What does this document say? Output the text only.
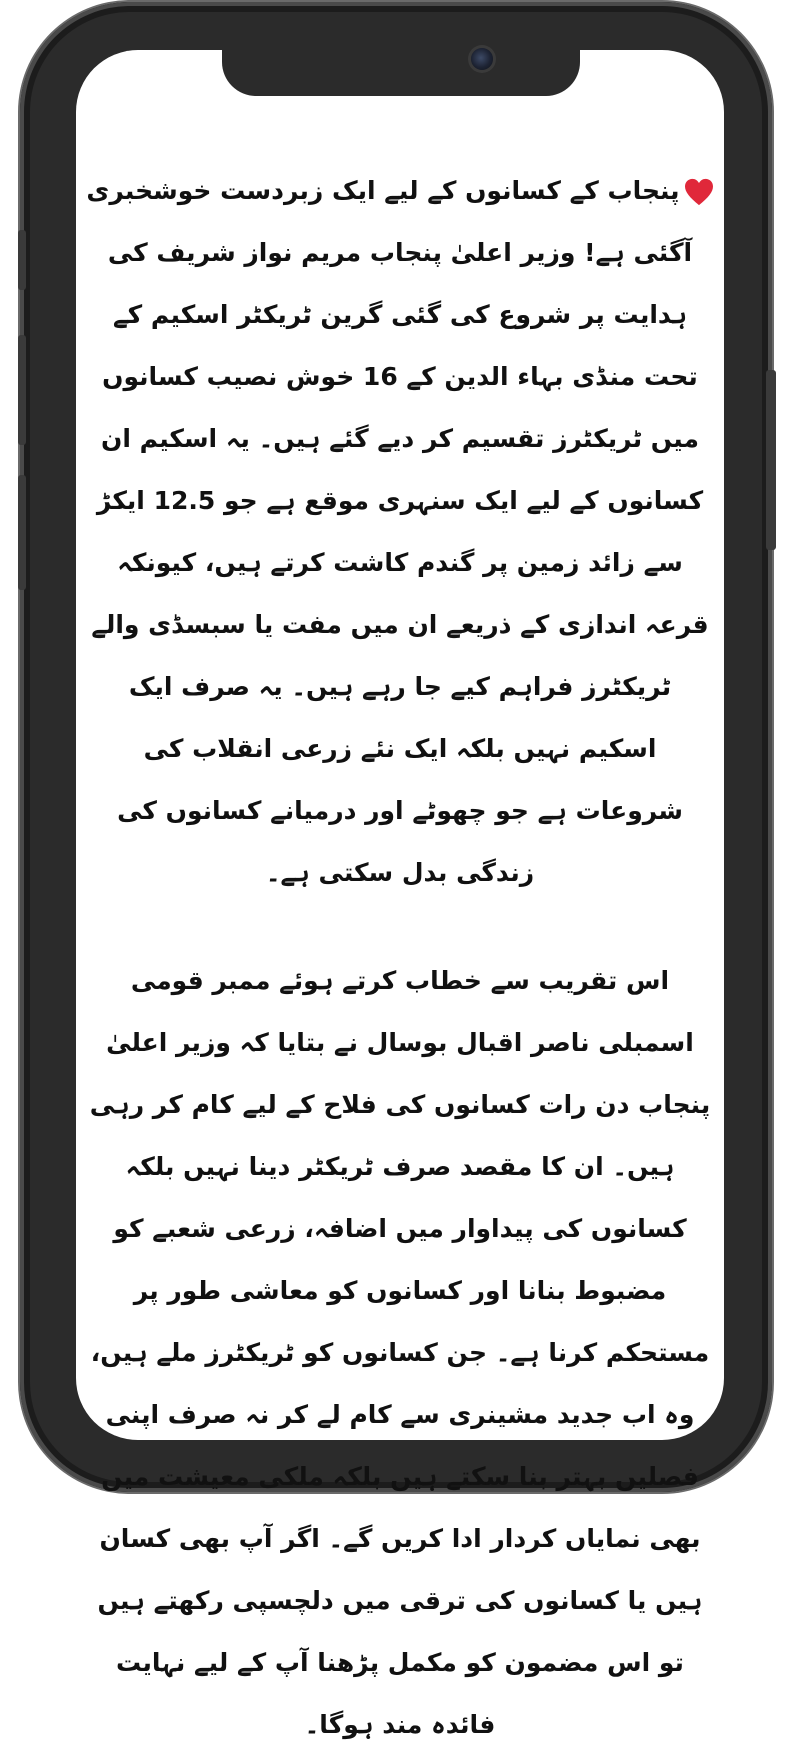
پنجاب کے کسانوں کے لیے ایک زبردست خوشخبری آگئی ہے! وزیر اعلیٰ پنجاب مریم نواز شریف کی ہدایت پر شروع کی گئی گرین ٹریکٹر اسکیم کے تحت منڈی بہاء الدین کے 16 خوش نصیب کسانوں میں ٹریکٹرز تقسیم کر دیے گئے ہیں۔ یہ اسکیم ان کسانوں کے لیے ایک سنہری موقع ہے جو 12.5 ایکڑ سے زائد زمین پر گندم کاشت کرتے ہیں، کیونکہ قرعہ اندازی کے ذریعے ان میں مفت یا سبسڈی والے ٹریکٹرز فراہم کیے جا رہے ہیں۔ یہ صرف ایک اسکیم نہیں بلکہ ایک نئے زرعی انقلاب کی شروعات ہے جو چھوٹے اور درمیانے کسانوں کی زندگی بدل سکتی ہے۔

اس تقریب سے خطاب کرتے ہوئے ممبر قومی اسمبلی ناصر اقبال بوسال نے بتایا کہ وزیر اعلیٰ پنجاب دن رات کسانوں کی فلاح کے لیے کام کر رہی ہیں۔ ان کا مقصد صرف ٹریکٹر دینا نہیں بلکہ کسانوں کی پیداوار میں اضافہ، زرعی شعبے کو مضبوط بنانا اور کسانوں کو معاشی طور پر مستحکم کرنا ہے۔ جن کسانوں کو ٹریکٹرز ملے ہیں، وہ اب جدید مشینری سے کام لے کر نہ صرف اپنی فصلیں بہتر بنا سکتے ہیں بلکہ ملکی معیشت میں بھی نمایاں کردار ادا کریں گے۔ اگر آپ بھی کسان ہیں یا کسانوں کی ترقی میں دلچسپی رکھتے ہیں تو اس مضمون کو مکمل پڑھنا آپ کے لیے نہایت فائدہ مند ہوگا۔
